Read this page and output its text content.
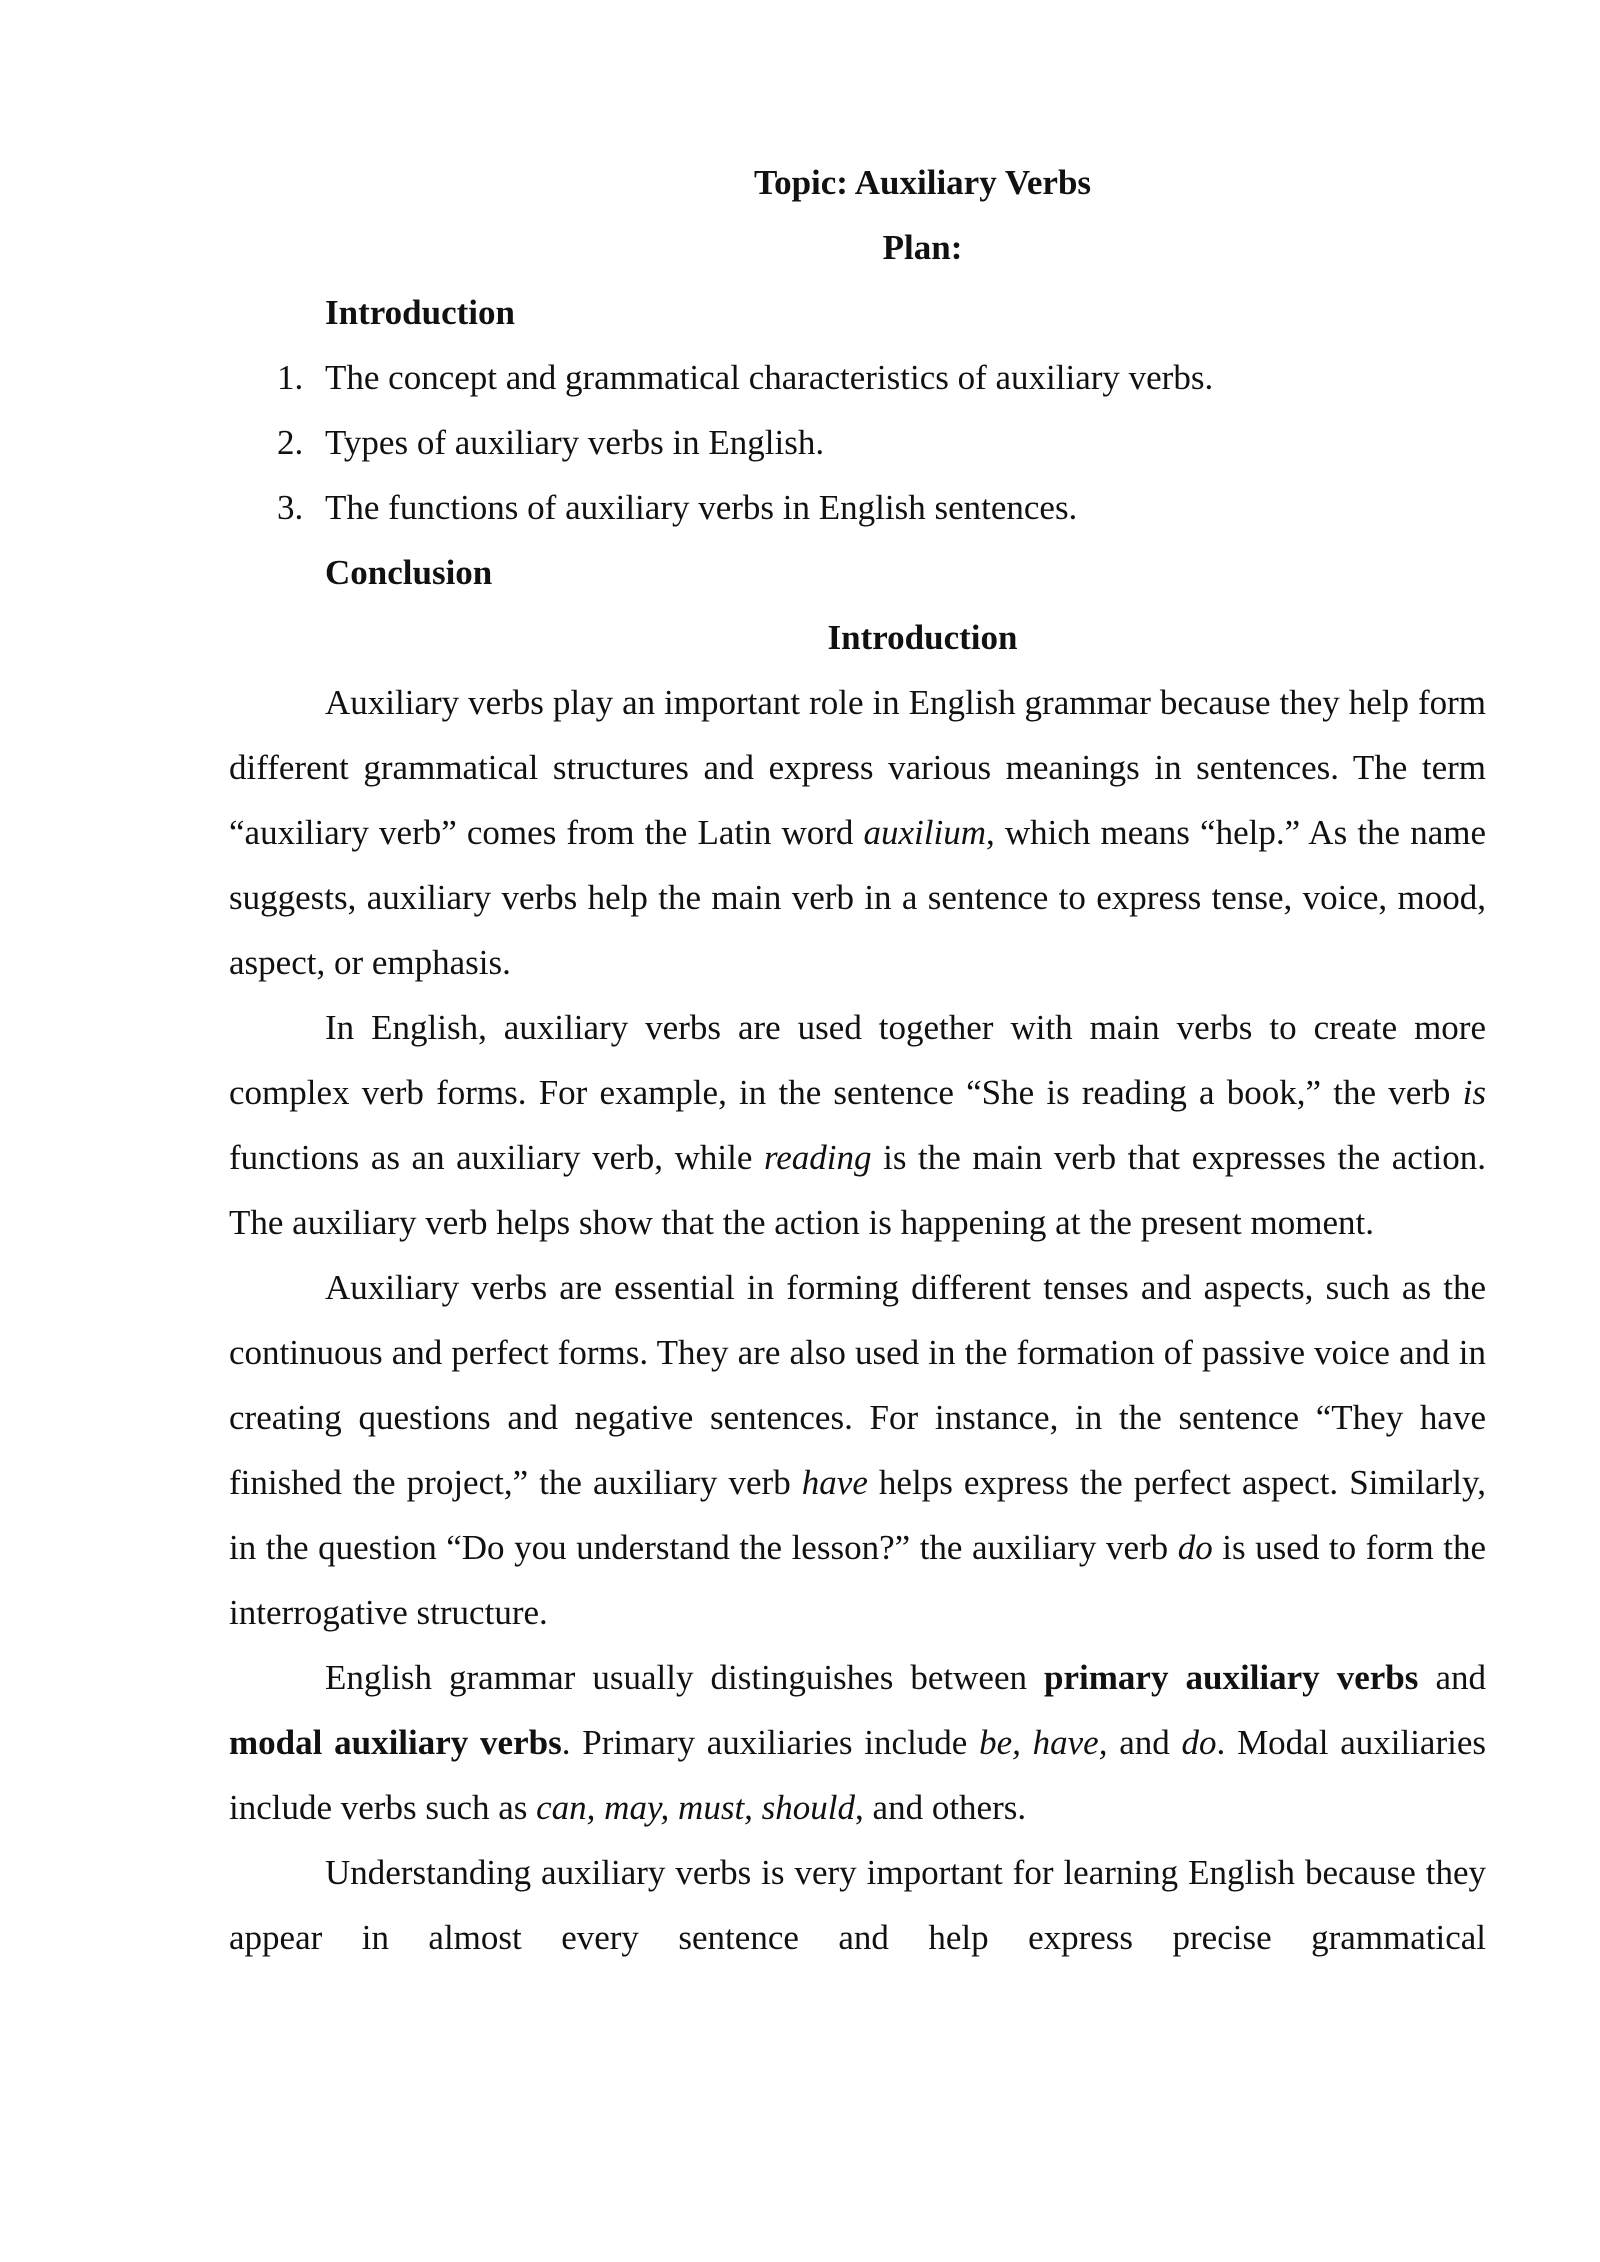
Topic: Auxiliary Verbs

Plan:

Introduction

1. The concept and grammatical characteristics of auxiliary verbs.
2. Types of auxiliary verbs in English.
3. The functions of auxiliary verbs in English sentences.

Conclusion

Introduction

Auxiliary verbs play an important role in English grammar because they help form different grammatical structures and express various meanings in sentences. The term “auxiliary verb” comes from the Latin word auxilium, which means “help.” As the name suggests, auxiliary verbs help the main verb in a sentence to express tense, voice, mood, aspect, or emphasis.

In English, auxiliary verbs are used together with main verbs to create more complex verb forms. For example, in the sentence “She is reading a book,” the verb is functions as an auxiliary verb, while reading is the main verb that expresses the action. The auxiliary verb helps show that the action is happening at the present moment.

Auxiliary verbs are essential in forming different tenses and aspects, such as the continuous and perfect forms. They are also used in the formation of passive voice and in creating questions and negative sentences. For instance, in the sentence “They have finished the project,” the auxiliary verb have helps express the perfect aspect. Similarly, in the question “Do you understand the lesson?” the auxiliary verb do is used to form the interrogative structure.

English grammar usually distinguishes between primary auxiliary verbs and modal auxiliary verbs. Primary auxiliaries include be, have, and do. Modal auxiliaries include verbs such as can, may, must, should, and others.

Understanding auxiliary verbs is very important for learning English because they appear in almost every sentence and help express precise grammatical
